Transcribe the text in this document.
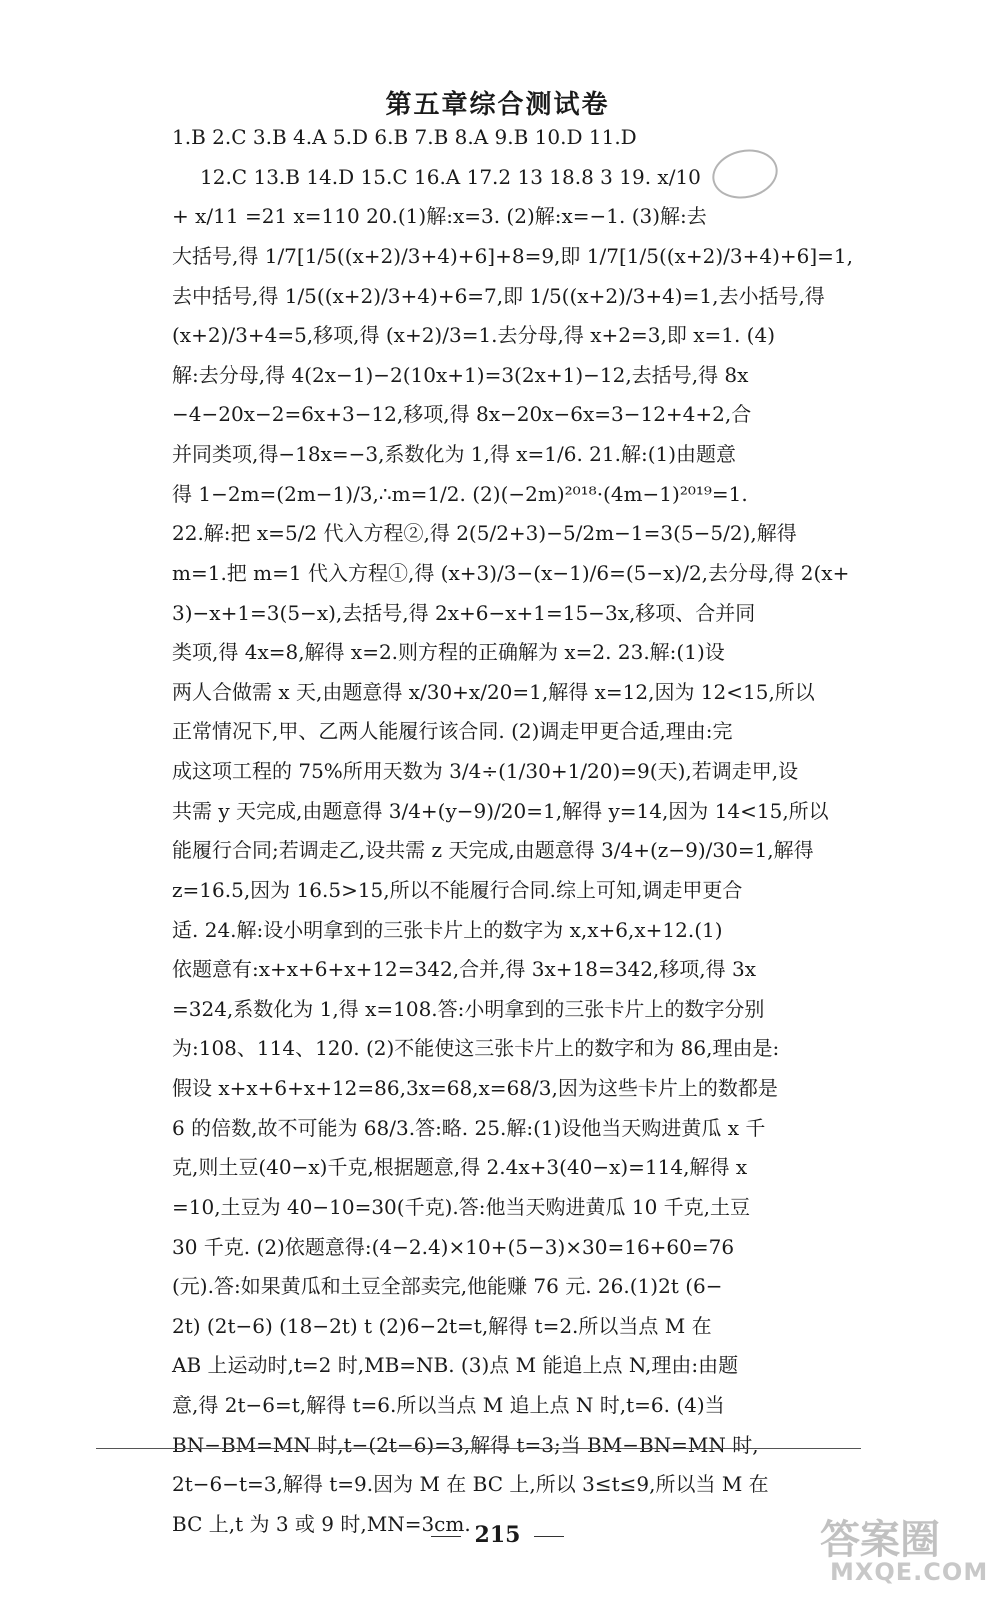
第五章综合测试卷
1.B 2.C 3.B 4.A 5.D 6.B 7.B 8.A 9.B 10.D 11.D
12.C 13.B 14.D 15.C 16.A 17.2 13 18.8 3 19. x/10
+ x/11 =21 x=110 20.(1)解:x=3. (2)解:x=−1. (3)解:去
大括号,得 1/7[1/5((x+2)/3+4)+6]+8=9,即 1/7[1/5((x+2)/3+4)+6]=1,
去中括号,得 1/5((x+2)/3+4)+6=7,即 1/5((x+2)/3+4)=1,去小括号,得
(x+2)/3+4=5,移项,得 (x+2)/3=1.去分母,得 x+2=3,即 x=1. (4)
解:去分母,得 4(2x−1)−2(10x+1)=3(2x+1)−12,去括号,得 8x
−4−20x−2=6x+3−12,移项,得 8x−20x−6x=3−12+4+2,合
并同类项,得−18x=−3,系数化为 1,得 x=1/6. 21.解:(1)由题意
得 1−2m=(2m−1)/3,∴m=1/2. (2)(−2m)²⁰¹⁸·(4m−1)²⁰¹⁹=1.
22.解:把 x=5/2 代入方程②,得 2(5/2+3)−5/2m−1=3(5−5/2),解得
m=1.把 m=1 代入方程①,得 (x+3)/3−(x−1)/6=(5−x)/2,去分母,得 2(x+
3)−x+1=3(5−x),去括号,得 2x+6−x+1=15−3x,移项、合并同
类项,得 4x=8,解得 x=2.则方程的正确解为 x=2. 23.解:(1)设
两人合做需 x 天,由题意得 x/30+x/20=1,解得 x=12,因为 12<15,所以
正常情况下,甲、乙两人能履行该合同. (2)调走甲更合适,理由:完
成这项工程的 75%所用天数为 3/4÷(1/30+1/20)=9(天),若调走甲,设
共需 y 天完成,由题意得 3/4+(y−9)/20=1,解得 y=14,因为 14<15,所以
能履行合同;若调走乙,设共需 z 天完成,由题意得 3/4+(z−9)/30=1,解得
z=16.5,因为 16.5>15,所以不能履行合同.综上可知,调走甲更合
适. 24.解:设小明拿到的三张卡片上的数字为 x,x+6,x+12.(1)
依题意有:x+x+6+x+12=342,合并,得 3x+18=342,移项,得 3x
=324,系数化为 1,得 x=108.答:小明拿到的三张卡片上的数字分别
为:108、114、120. (2)不能使这三张卡片上的数字和为 86,理由是:
假设 x+x+6+x+12=86,3x=68,x=68/3,因为这些卡片上的数都是
6 的倍数,故不可能为 68/3.答:略. 25.解:(1)设他当天购进黄瓜 x 千
克,则土豆(40−x)千克,根据题意,得 2.4x+3(40−x)=114,解得 x
=10,土豆为 40−10=30(千克).答:他当天购进黄瓜 10 千克,土豆
30 千克. (2)依题意得:(4−2.4)×10+(5−3)×30=16+60=76
(元).答:如果黄瓜和土豆全部卖完,他能赚 76 元. 26.(1)2t (6−
2t) (2t−6) (18−2t) t (2)6−2t=t,解得 t=2.所以当点 M 在
AB 上运动时,t=2 时,MB=NB. (3)点 M 能追上点 N,理由:由题
意,得 2t−6=t,解得 t=6.所以当点 M 追上点 N 时,t=6. (4)当
BN−BM=MN 时,t−(2t−6)=3,解得 t=3;当 BM−BN=MN 时,
2t−6−t=3,解得 t=9.因为 M 在 BC 上,所以 3≤t≤9,所以当 M 在
BC 上,t 为 3 或 9 时,MN=3cm. 215	答案圈
MXQE.COM
